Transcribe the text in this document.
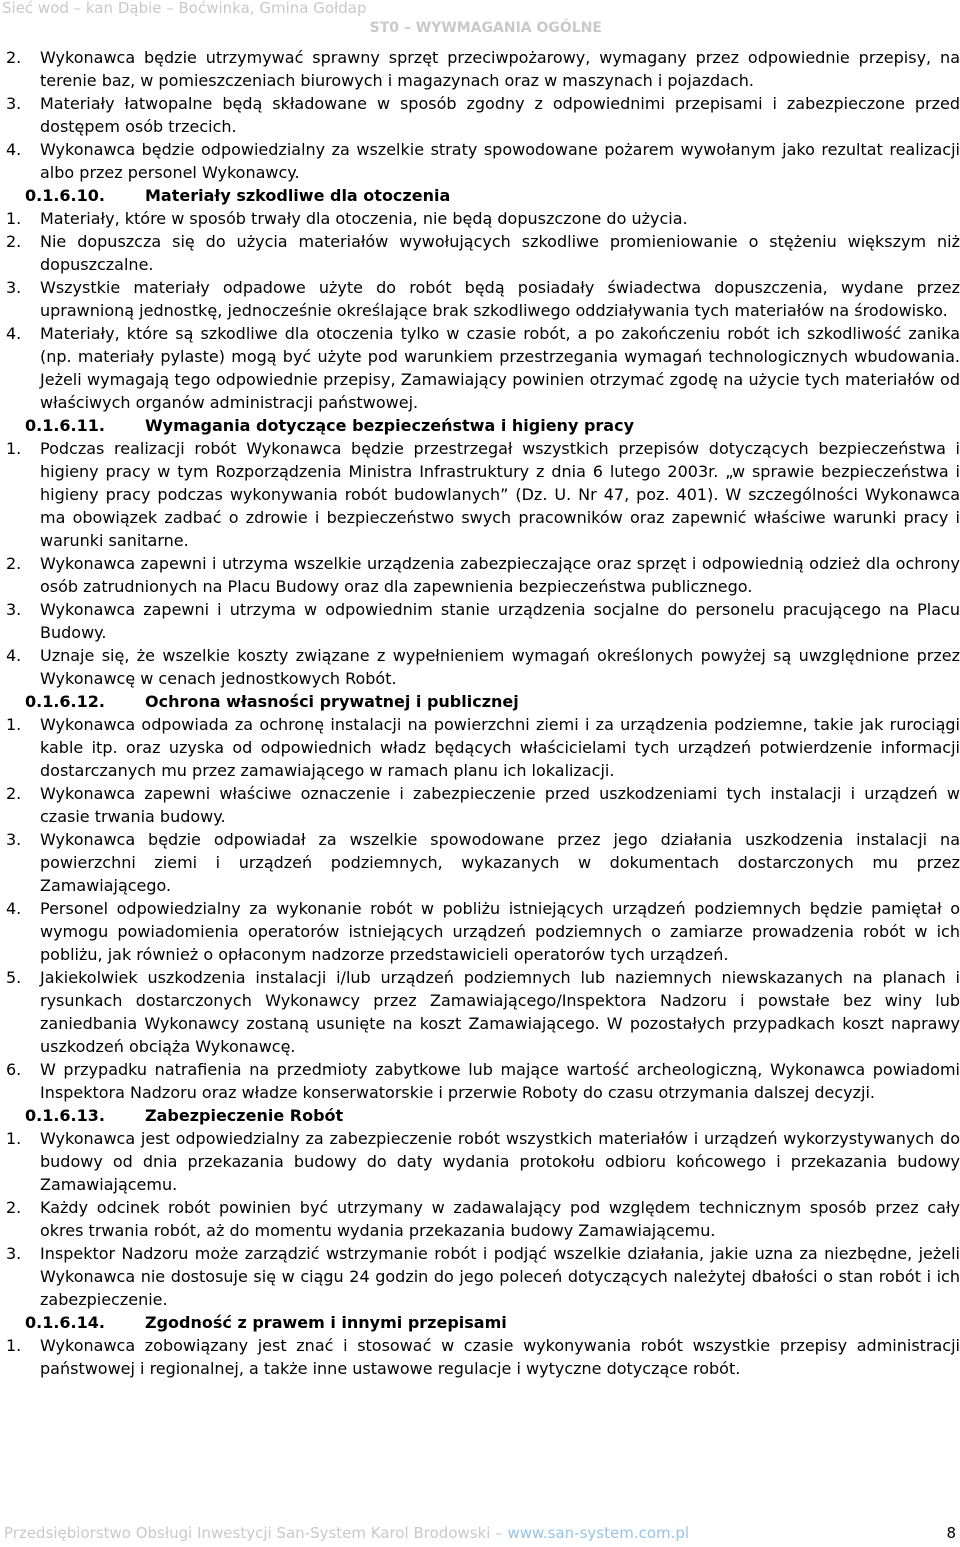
Sieć wod – kan Dąbie – Boćwinka, Gmina Gołdap
ST0 – WYWMAGANIA OGÓLNE
2.	Wykonawca będzie utrzymywać sprawny sprzęt przeciwpożarowy, wymagany przez odpowiednie przepisy, na terenie baz, w pomieszczeniach biurowych i magazynach oraz w maszynach i pojazdach.
3.	Materiały łatwopalne będą składowane w sposób zgodny z odpowiednimi przepisami i zabezpieczone przed dostępem osób trzecich.
4.	Wykonawca będzie odpowiedzialny za wszelkie straty spowodowane pożarem wywołanym jako rezultat realizacji albo przez personel Wykonawcy.
0.1.6.10.	Materiały szkodliwe dla otoczenia
1.	Materiały, które w sposób trwały dla otoczenia, nie będą dopuszczone do użycia.
2.	Nie dopuszcza się do użycia materiałów wywołujących szkodliwe promieniowanie o stężeniu większym niż dopuszczalne.
3.	Wszystkie materiały odpadowe użyte do robót będą posiadały świadectwa dopuszczenia, wydane przez uprawnioną jednostkę, jednocześnie określające brak szkodliwego oddziaływania tych materiałów na środowisko.
4.	Materiały, które są szkodliwe dla otoczenia tylko w czasie robót, a po zakończeniu robót ich szkodliwość zanika (np. materiały pylaste) mogą być użyte pod warunkiem przestrzegania wymagań technologicznych wbudowania. Jeżeli wymagają tego odpowiednie przepisy, Zamawiający powinien otrzymać zgodę na użycie tych materiałów od właściwych organów administracji państwowej.
0.1.6.11.	Wymagania dotyczące bezpieczeństwa i higieny pracy
1.	Podczas realizacji robót Wykonawca będzie przestrzegał wszystkich przepisów dotyczących bezpieczeństwa i higieny pracy w tym Rozporządzenia Ministra Infrastruktury z dnia 6 lutego 2003r. „w sprawie bezpieczeństwa i higieny pracy podczas wykonywania robót budowlanych” (Dz. U. Nr 47, poz. 401). W szczególności Wykonawca ma obowiązek zadbać o zdrowie i bezpieczeństwo swych pracowników oraz zapewnić właściwe warunki pracy i warunki sanitarne.
2.	Wykonawca zapewni i utrzyma wszelkie urządzenia zabezpieczające oraz sprzęt i odpowiednią odzież dla ochrony osób zatrudnionych na Placu Budowy oraz dla zapewnienia bezpieczeństwa publicznego.
3.	Wykonawca zapewni i utrzyma w odpowiednim stanie urządzenia socjalne do personelu pracującego na Placu Budowy.
4.	Uznaje się, że wszelkie koszty związane z wypełnieniem wymagań określonych powyżej są uwzględnione przez Wykonawcę w cenach jednostkowych Robót.
0.1.6.12.	Ochrona własności prywatnej i publicznej
1.	Wykonawca odpowiada za ochronę instalacji na powierzchni ziemi i za urządzenia podziemne, takie jak rurociągi kable itp. oraz uzyska od odpowiednich władz będących właścicielami tych urządzeń potwierdzenie informacji dostarczanych mu przez zamawiającego w ramach planu ich lokalizacji.
2.	Wykonawca zapewni właściwe oznaczenie i zabezpieczenie przed uszkodzeniami tych instalacji i urządzeń w czasie trwania budowy.
3.	Wykonawca będzie odpowiadał za wszelkie spowodowane przez jego działania uszkodzenia instalacji na powierzchni ziemi i urządzeń podziemnych, wykazanych w dokumentach dostarczonych mu przez Zamawiającego.
4.	Personel odpowiedzialny za wykonanie robót w pobliżu istniejących urządzeń podziemnych będzie pamiętał o wymogu powiadomienia operatorów istniejących urządzeń podziemnych o zamiarze prowadzenia robót w ich pobliżu, jak również o opłaconym nadzorze przedstawicieli operatorów tych urządzeń.
5.	Jakiekolwiek uszkodzenia instalacji i/lub urządzeń podziemnych lub naziemnych niewskazanych na planach i rysunkach dostarczonych Wykonawcy przez Zamawiającego/Inspektora Nadzoru i powstałe bez winy lub zaniedbania Wykonawcy zostaną usunięte na koszt Zamawiającego. W pozostałych przypadkach koszt naprawy uszkodzeń obciąża Wykonawcę.
6.	W przypadku natrafienia na przedmioty zabytkowe lub mające wartość archeologiczną, Wykonawca powiadomi Inspektora Nadzoru oraz władze konserwatorskie i przerwie Roboty do czasu otrzymania dalszej decyzji.
0.1.6.13.	Zabezpieczenie Robót
1.	Wykonawca jest odpowiedzialny za zabezpieczenie robót wszystkich materiałów i urządzeń wykorzystywanych do budowy od dnia przekazania budowy do daty wydania protokołu odbioru końcowego i przekazania budowy Zamawiającemu.
2.	Każdy odcinek robót powinien być utrzymany w zadawalający pod względem technicznym sposób przez cały okres trwania robót, aż do momentu wydania przekazania budowy Zamawiającemu.
3.	Inspektor Nadzoru może zarządzić wstrzymanie robót i podjąć wszelkie działania, jakie uzna za niezbędne, jeżeli Wykonawca nie dostosuje się w ciągu 24 godzin do jego poleceń dotyczących należytej dbałości o stan robót i ich zabezpieczenie.
0.1.6.14.	Zgodność z prawem i innymi przepisami
1.	Wykonawca zobowiązany jest znać i stosować w czasie wykonywania robót wszystkie przepisy administracji państwowej i regionalnej, a także inne ustawowe regulacje i wytyczne dotyczące robót.
Przedsiębiorstwo Obsługi Inwestycji San-System Karol Brodowski – www.san-system.com.pl	8
